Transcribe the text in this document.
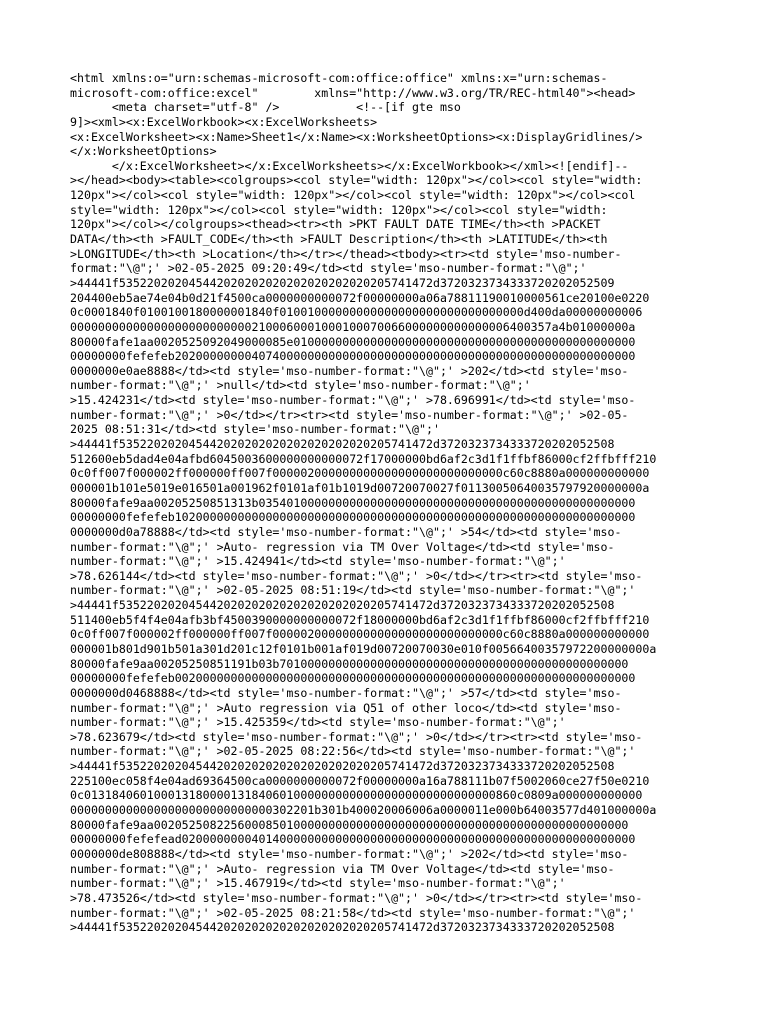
<html xmlns:o="urn:schemas-microsoft-com:office:office" xmlns:x="urn:schemas-
microsoft-com:office:excel"        xmlns="http://www.w3.org/TR/REC-html40"><head>
<meta charset="utf-8" />           <!--[if gte mso
9]><xml><x:ExcelWorkbook><x:ExcelWorksheets>
<x:ExcelWorksheet><x:Name>Sheet1</x:Name><x:WorksheetOptions><x:DisplayGridlines/>
</x:WorksheetOptions>
</x:ExcelWorksheet></x:ExcelWorksheets></x:ExcelWorkbook></xml><![endif]--
></head><body><table><colgroups><col style="width: 120px"></col><col style="width:
120px"></col><col style="width: 120px"></col><col style="width: 120px"></col><col
style="width: 120px"></col><col style="width: 120px"></col><col style="width:
120px"></col></colgroups><thead><tr><th >PKT FAULT DATE TIME</th><th >PACKET
DATA</th><th >FAULT_CODE</th><th >FAULT Description</th><th >LATITUDE</th><th
>LONGITUDE</th><th >Location</th></tr></thead><tbody><tr><td style='mso-number-
format:"\@";' >02-05-2025 09:20:49</td><td style='mso-number-format:"\@";'
>44441f535220202045442020202020202020202020205741472d3720323734333720202052509
204400eb5ae74e04b0d21f4500ca0000000000072f00000000a06a78811190010000561ce20100e0220
0c0001840f0100100180000001840f01001000000000000000000000000000000d400da00000000006
000000000000000000000000002100060001000100070066000000000000006400357a4b01000000a
80000fafe1aa0020525092049000085e0100000000000000000000000000000000000000000000000
00000000fefefeb202000000004074000000000000000000000000000000000000000000000000000
0000000e0ae8888</td><td style='mso-number-format:"\@";' >202</td><td style='mso-
number-format:"\@";' >null</td><td style='mso-number-format:"\@";'
>15.424231</td><td style='mso-number-format:"\@";' >78.696991</td><td style='mso-
number-format:"\@";' >0</td></tr><tr><td style='mso-number-format:"\@";' >02-05-
2025 08:51:31</td><td style='mso-number-format:"\@";'
>44441f535220202045442020202020202020202020205741472d3720323734333720202052508
512600eb5dad4e04afbd6045003600000000000072f17000000bd6af2c3d1f1ffbf86000cf2ffbfff210
0c0ff007f000002ff000000ff007f000002000000000000000000000000000c60c8880a000000000000
000001b101e5019e016501a001962f0101af01b1019d00720070027f01130050640035797920000000a
80000fafe9aa00205250851313b035401000000000000000000000000000000000000000000000000
00000000fefefeb102000000000000000000000000000000000000000000000000000000000000000
0000000d0a78888</td><td style='mso-number-format:"\@";' >54</td><td style='mso-
number-format:"\@";' >Auto- regression via TM Over Voltage</td><td style='mso-
number-format:"\@";' >15.424941</td><td style='mso-number-format:"\@";'
>78.626144</td><td style='mso-number-format:"\@";' >0</td></tr><tr><td style='mso-
number-format:"\@";' >02-05-2025 08:51:19</td><td style='mso-number-format:"\@";'
>44441f535220202045442020202020202020202020205741472d3720323734333720202052508
511400eb5f4f4e04afb3bf4500390000000000072f18000000bd6af2c3d1f1ffbf86000cf2ffbfff210
0c0ff007f000002ff000000ff007f000002000000000000000000000000000c60c8880a000000000000
000001b801d901b501a301d201c12f0101b001af019d00720070030e010f00566400357972200000000a
80000fafe9aa00205250851191b03b70100000000000000000000000000000000000000000000000
00000000fefefeb002000000000000000000000000000000000000000000000000000000000000000
0000000d0468888</td><td style='mso-number-format:"\@";' >57</td><td style='mso-
number-format:"\@";' >Auto regression via Q51 of other loco</td><td style='mso-
number-format:"\@";' >15.425359</td><td style='mso-number-format:"\@";'
>78.623679</td><td style='mso-number-format:"\@";' >0</td></tr><tr><td style='mso-
number-format:"\@";' >02-05-2025 08:22:56</td><td style='mso-number-format:"\@";'
>44441f535220202045442020202020202020202020205741472d3720323734333720202052508
225100ec058f4e04ad69364500ca0000000000072f00000000a16a788111b07f5002060ce27f50e0210
0c01318406010001318000013184060100000000000000000000000000000860c0809a000000000000
00000000000000000000000000000302201b301b400020006006a0000011e000b64003577d401000000a
80000fafe9aa00205250822560008501000000000000000000000000000000000000000000000000
00000000fefefead02000000004014000000000000000000000000000000000000000000000000000
0000000de808888</td><td style='mso-number-format:"\@";' >202</td><td style='mso-
number-format:"\@";' >Auto- regression via TM Over Voltage</td><td style='mso-
number-format:"\@";' >15.467919</td><td style='mso-number-format:"\@";'
>78.473526</td><td style='mso-number-format:"\@";' >0</td></tr><tr><td style='mso-
number-format:"\@";' >02-05-2025 08:21:58</td><td style='mso-number-format:"\@";'
>44441f535220202045442020202020202020202020205741472d3720323734333720202052508
